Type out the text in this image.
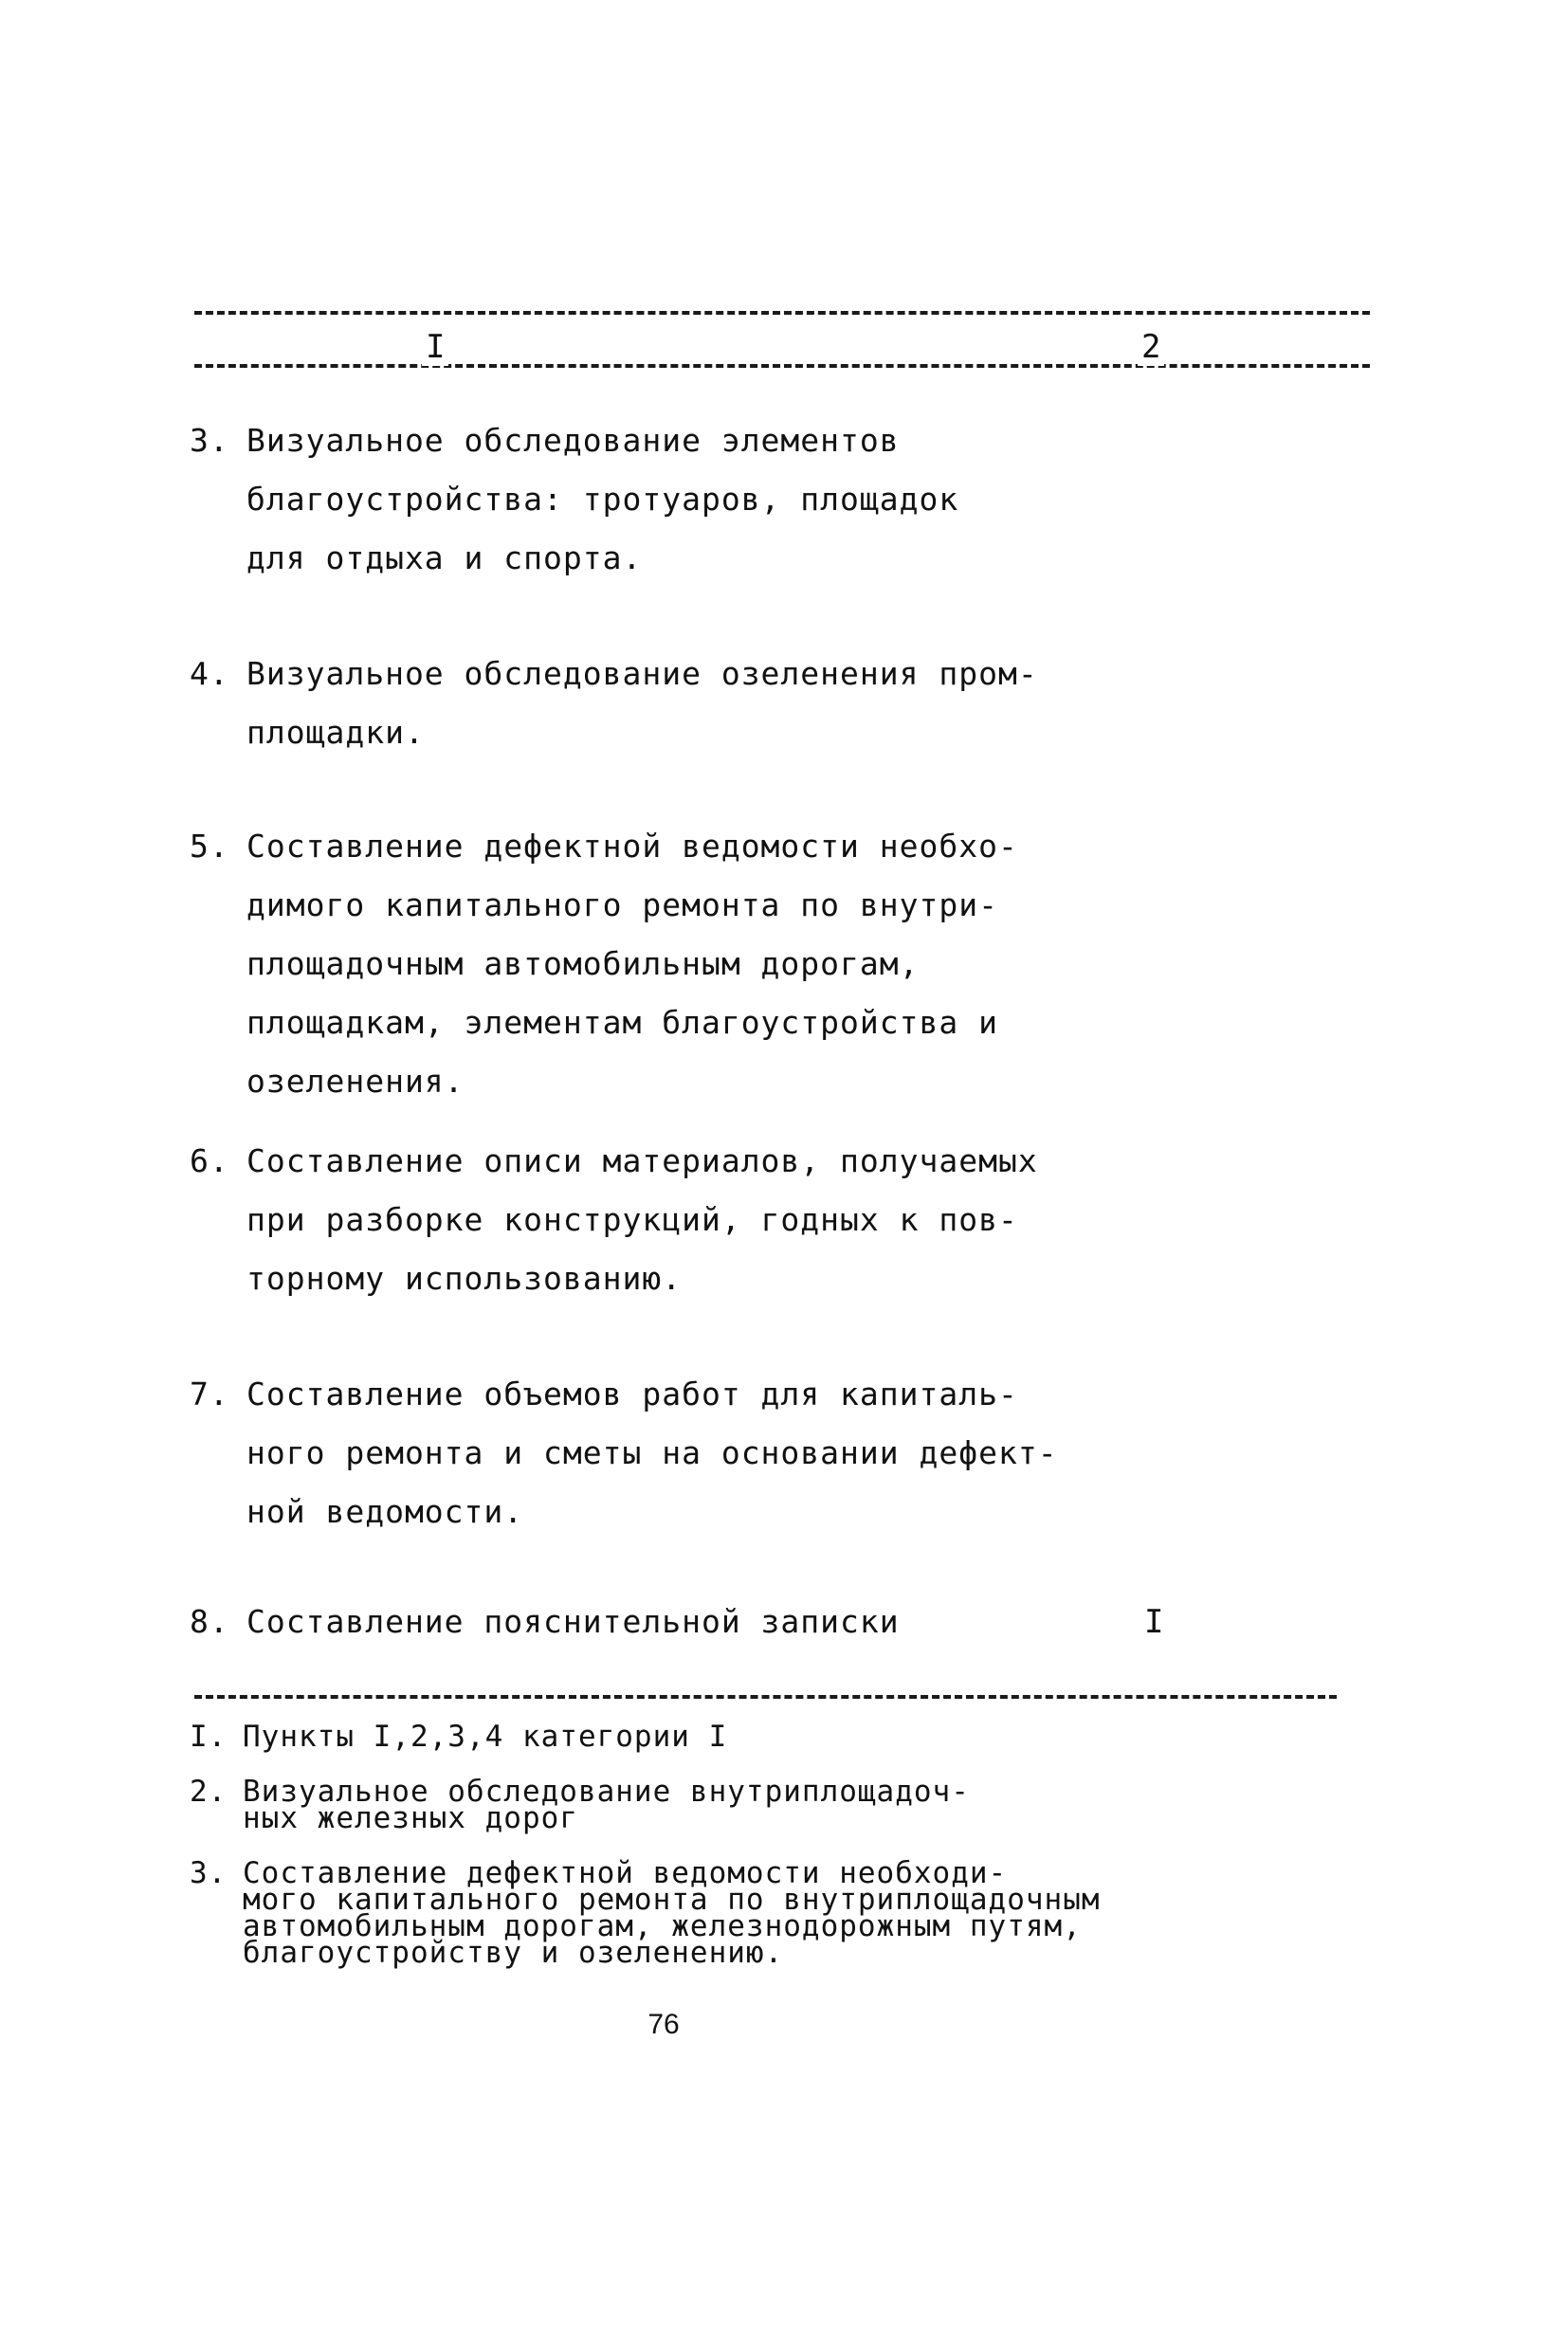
I	2
3. Визуальное обследование элементов
благоустройства: тротуаров, площадок
для отдыха и спорта.
4. Визуальное обследование озеленения пром-
площадки.
5. Составление дефектной ведомости необхо-
димого капитального ремонта по внутри-
площадочным автомобильным дорогам,
площадкам, элементам благоустройства и
озеленения.
6. Составление описи материалов, получаемых
при разборке конструкций, годных к пов-
торному использованию.
7. Составление объемов работ для капиталь-
ного ремонта и сметы на основании дефект-
ной ведомости.
8. Составление пояснительной записки	I
I. Пункты I,2,3,4 категории I
2. Визуальное обследование внутриплощадоч-
ных железных дорог
3. Составление дефектной ведомости необходи-
мого капитального ремонта по внутриплощадочным
автомобильным дорогам, железнодорожным путям,
благоустройству и озеленению.
76
